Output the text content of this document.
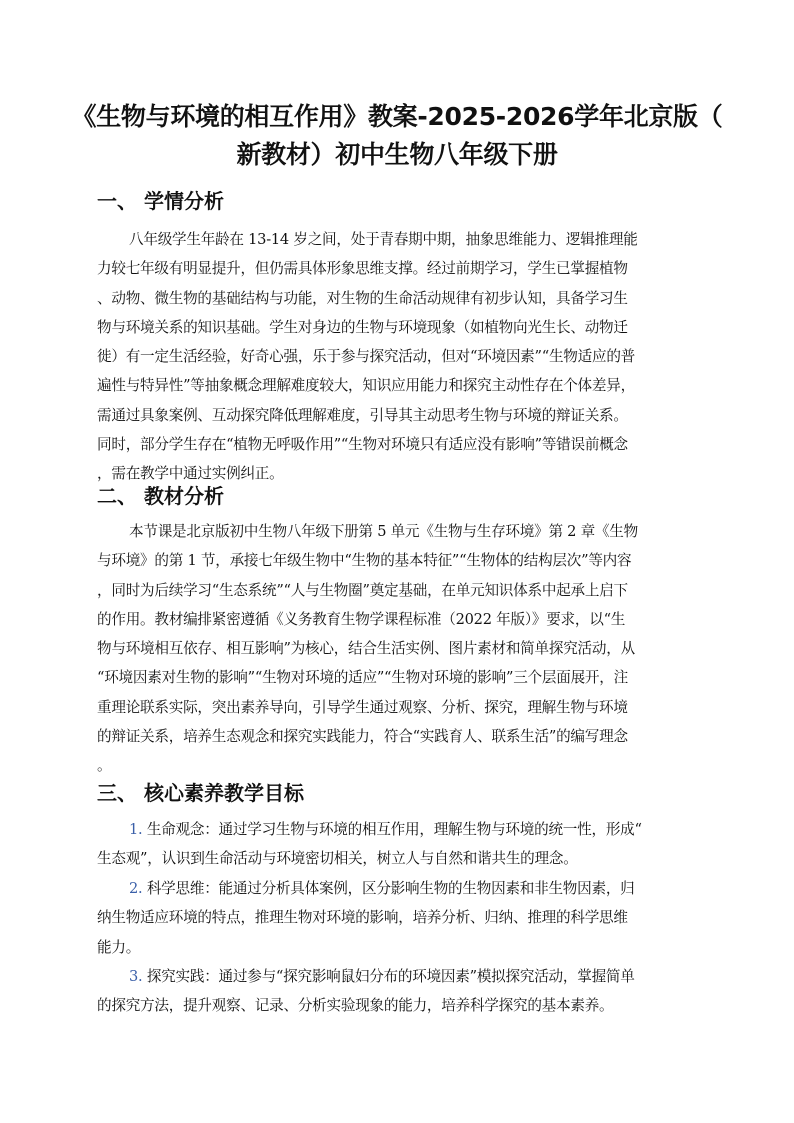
《生物与环境的相互作用》教案-2025-2026学年北京版（
新教材）初中生物八年级下册
一、 学情分析
八年级学生年龄在 13-14 岁之间，处于青春期中期，抽象思维能力、逻辑推理能
力较七年级有明显提升，但仍需具体形象思维支撑。经过前期学习，学生已掌握植物
、动物、微生物的基础结构与功能，对生物的生命活动规律有初步认知，具备学习生
物与环境关系的知识基础。学生对身边的生物与环境现象（如植物向光生长、动物迁
徙）有一定生活经验，好奇心强，乐于参与探究活动，但对“环境因素”“生物适应的普
遍性与特异性”等抽象概念理解难度较大，知识应用能力和探究主动性存在个体差异，
需通过具象案例、互动探究降低理解难度，引导其主动思考生物与环境的辩证关系。
同时，部分学生存在“植物无呼吸作用”“生物对环境只有适应没有影响”等错误前概念
，需在教学中通过实例纠正。
二、 教材分析
本节课是北京版初中生物八年级下册第 5 单元《生物与生存环境》第 2 章《生物
与环境》的第 1 节，承接七年级生物中“生物的基本特征”“生物体的结构层次”等内容
，同时为后续学习“生态系统”“人与生物圈”奠定基础，在单元知识体系中起承上启下
的作用。教材编排紧密遵循《义务教育生物学课程标准（2022 年版）》要求，以“生
物与环境相互依存、相互影响”为核心，结合生活实例、图片素材和简单探究活动，从
“环境因素对生物的影响”“生物对环境的适应”“生物对环境的影响”三个层面展开，注
重理论联系实际，突出素养导向，引导学生通过观察、分析、探究，理解生物与环境
的辩证关系，培养生态观念和探究实践能力，符合“实践育人、联系生活”的编写理念
。
三、 核心素养教学目标
1. 生命观念：通过学习生物与环境的相互作用，理解生物与环境的统一性，形成“
生态观”，认识到生命活动与环境密切相关，树立人与自然和谐共生的理念。
2. 科学思维：能通过分析具体案例，区分影响生物的生物因素和非生物因素，归
纳生物适应环境的特点，推理生物对环境的影响，培养分析、归纳、推理的科学思维
能力。
3. 探究实践：通过参与“探究影响鼠妇分布的环境因素”模拟探究活动，掌握简单
的探究方法，提升观察、记录、分析实验现象的能力，培养科学探究的基本素养。
